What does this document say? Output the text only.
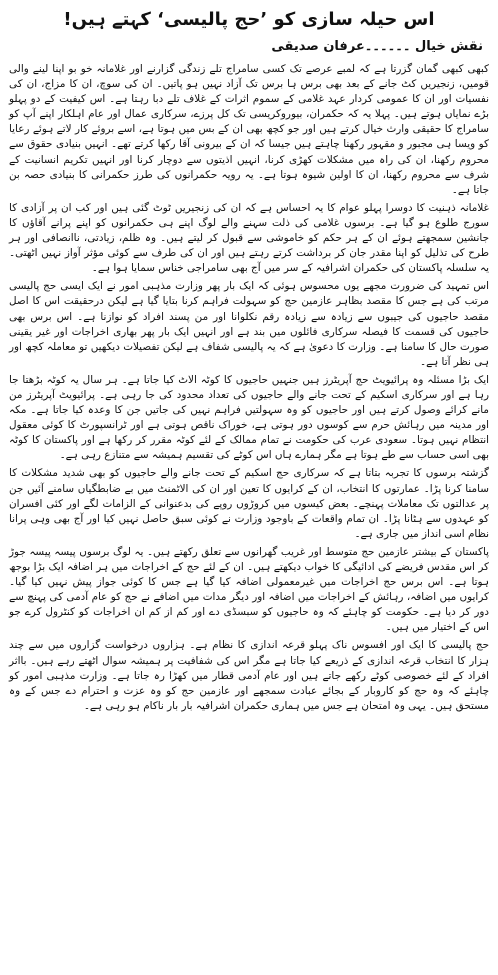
اس حیلہ سازی کو ’حج پالیسی‘ کہتے ہیں!
نقش خیال ۔۔۔۔۔۔عرفان صدیقی

کبھی کبھی گمان گزرتا ہے کہ لمبے عرصے تک کسی سامراج تلے زندگی گزارنے اور غلامانہ خو بو اپنا لینے والی قومیں، زنجیریں کٹ جانے کے بعد بھی برس ہا برس تک آزاد نہیں ہو پاتیں۔ ان کی سوچ، ان کا مزاج، ان کی نفسیات اور ان کا عمومی کردار عہد غلامی کے سموم اثرات کے غلاف تلے دبا رہتا ہے۔ اس کیفیت کے دو پہلو بڑے نمایاں ہوتے ہیں۔ پہلا یہ کہ حکمران، بیوروکریسی تک کل پرزے، سرکاری عمال اور عام اہلکار اپنے آپ کو سامراج کا حقیقی وارث خیال کرتے ہیں اور جو کچھ بھی ان کے بس میں ہوتا ہے، اسے بروئے کار لاتے ہوئے رعایا کو ویسا ہی مجبور و مقہور رکھنا چاہتے ہیں جیسا کہ ان کے بیرونی آقا رکھا کرتے تھے۔ انہیں بنیادی حقوق سے محروم رکھنا، ان کی راہ میں مشکلات کھڑی کرنا، انہیں اذیتوں سے دوچار کرنا اور انہیں تکریم انسانیت کے شرف سے محروم رکھنا، ان کا اولین شیوہ ہوتا ہے۔ یہ رویہ حکمرانوں کی طرز حکمرانی کا بنیادی حصہ بن جاتا ہے۔

غلامانہ ذہنیت کا دوسرا پہلو عوام کا یہ احساس ہے کہ ان کی زنجیریں ٹوٹ گئی ہیں اور کب ان پر آزادی کا سورج طلوع ہو گیا ہے۔ برسوں غلامی کی ذلت سہنے والے لوگ اپنے ہی حکمرانوں کو اپنے پرانے آقاؤں کا جانشین سمجھتے ہوئے ان کے ہر حکم کو خاموشی سے قبول کر لیتے ہیں۔ وہ ظلم، زیادتی، ناانصافی اور ہر طرح کی تذلیل کو اپنا مقدر جان کر برداشت کرتے رہتے ہیں اور ان کی طرف سے کوئی مؤثر آواز نہیں اٹھتی۔ یہ سلسلہ پاکستان کی حکمران اشرافیہ کے سر میں آج بھی سامراجی خناس سمایا ہوا ہے۔

اس تمہید کی ضرورت مجھے یوں محسوس ہوئی کہ ایک بار پھر وزارت مذہبی امور نے ایک ایسی حج پالیسی مرتب کی ہے جس کا مقصد بظاہر عازمین حج کو سہولت فراہم کرنا بتایا گیا ہے لیکن درحقیقت اس کا اصل مقصد حاجیوں کی جیبوں سے زیادہ سے زیادہ رقم نکلوانا اور من پسند افراد کو نوازنا ہے۔ اس برس بھی حاجیوں کی قسمت کا فیصلہ سرکاری فائلوں میں بند ہے اور انہیں ایک بار پھر بھاری اخراجات اور غیر یقینی صورت حال کا سامنا ہے۔ وزارت کا دعویٰ ہے کہ یہ پالیسی شفاف ہے لیکن تفصیلات دیکھیں تو معاملہ کچھ اور ہی نظر آتا ہے۔

ایک بڑا مسئلہ وہ پرائیویٹ حج آپریٹرز ہیں جنہیں حاجیوں کا کوٹہ الاٹ کیا جاتا ہے۔ ہر سال یہ کوٹہ بڑھتا جا رہا ہے اور سرکاری اسکیم کے تحت جانے والے حاجیوں کی تعداد محدود کی جا رہی ہے۔ پرائیویٹ آپریٹرز من مانے کرائے وصول کرتے ہیں اور حاجیوں کو وہ سہولتیں فراہم نہیں کی جاتیں جن کا وعدہ کیا جاتا ہے۔ مکہ اور مدینہ میں رہائش حرم سے کوسوں دور ہوتی ہے، خوراک ناقص ہوتی ہے اور ٹرانسپورٹ کا کوئی معقول انتظام نہیں ہوتا۔ سعودی عرب کی حکومت نے تمام ممالک کے لئے کوٹہ مقرر کر رکھا ہے اور پاکستان کا کوٹہ بھی اسی حساب سے طے ہوتا ہے مگر ہمارے ہاں اس کوٹے کی تقسیم ہمیشہ سے متنازع رہی ہے۔

گزشتہ برسوں کا تجربہ بتاتا ہے کہ سرکاری حج اسکیم کے تحت جانے والے حاجیوں کو بھی شدید مشکلات کا سامنا کرنا پڑا۔ عمارتوں کا انتخاب، ان کے کرایوں کا تعین اور ان کی الاٹمنٹ میں بے ضابطگیاں سامنے آئیں جن پر عدالتوں تک معاملات پہنچے۔ بعض کیسوں میں کروڑوں روپے کی بدعنوانی کے الزامات لگے اور کئی افسران کو عہدوں سے ہٹانا پڑا۔ ان تمام واقعات کے باوجود وزارت نے کوئی سبق حاصل نہیں کیا اور آج بھی وہی پرانا نظام اسی انداز میں جاری ہے۔

پاکستان کے بیشتر عازمین حج متوسط اور غریب گھرانوں سے تعلق رکھتے ہیں۔ یہ لوگ برسوں پیسہ پیسہ جوڑ کر اس مقدس فریضے کی ادائیگی کا خواب دیکھتے ہیں۔ ان کے لئے حج کے اخراجات میں ہر اضافہ ایک بڑا بوجھ ہوتا ہے۔ اس برس حج اخراجات میں غیرمعمولی اضافہ کیا گیا ہے جس کا کوئی جواز پیش نہیں کیا گیا۔ کرایوں میں اضافہ، رہائش کے اخراجات میں اضافہ اور دیگر مدات میں اضافے نے حج کو عام آدمی کی پہنچ سے دور کر دیا ہے۔ حکومت کو چاہئے کہ وہ حاجیوں کو سبسڈی دے اور کم از کم ان اخراجات کو کنٹرول کرے جو اس کے اختیار میں ہیں۔

حج پالیسی کا ایک اور افسوس ناک پہلو قرعہ اندازی کا نظام ہے۔ ہزاروں درخواست گزاروں میں سے چند ہزار کا انتخاب قرعہ اندازی کے ذریعے کیا جاتا ہے مگر اس کی شفافیت پر ہمیشہ سوال اٹھتے رہے ہیں۔ بااثر افراد کے لئے خصوصی کوٹے رکھے جاتے ہیں اور عام آدمی قطار میں کھڑا رہ جاتا ہے۔ وزارت مذہبی امور کو چاہئے کہ وہ حج کو کاروبار کے بجائے عبادت سمجھے اور عازمین حج کو وہ عزت و احترام دے جس کے وہ مستحق ہیں۔ یہی وہ امتحان ہے جس میں ہماری حکمران اشرافیہ بار بار ناکام ہو رہی ہے۔
